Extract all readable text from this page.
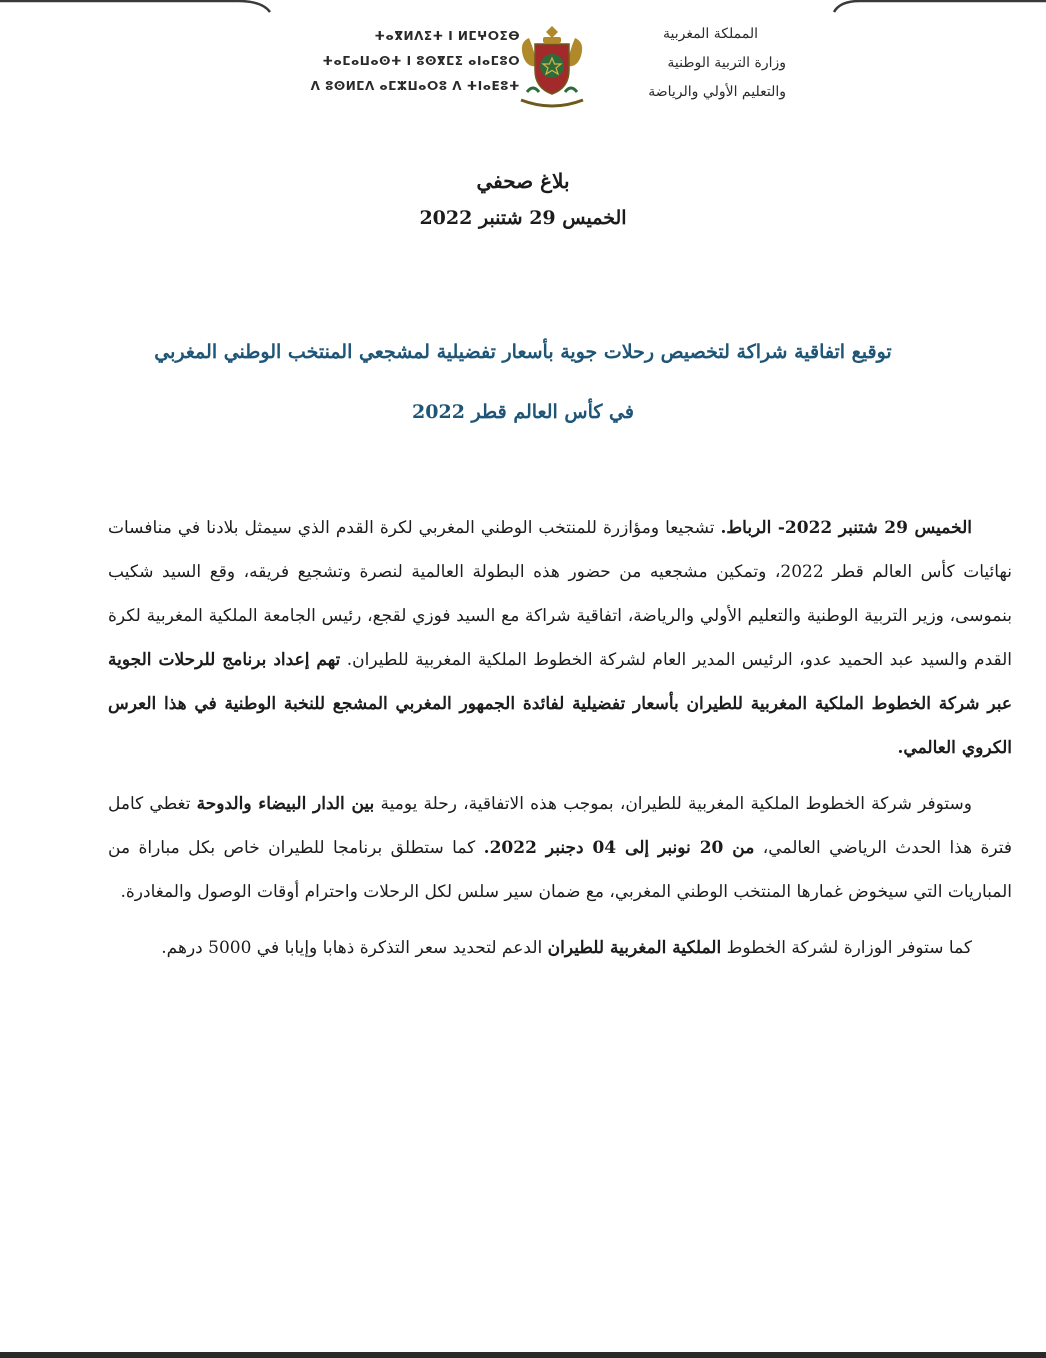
ⵜⴰⴳⵍⴷⵉⵜ ⵏ ⵍⵎⵖⵔⵉⴱ
ⵜⴰⵎⴰⵡⴰⵙⵜ ⵏ ⵓⵙⴳⵎⵉ ⴰⵏⴰⵎⵓⵔ
ⴷ ⵓⵙⵍⵎⴷ ⴰⵎⵣⵡⴰⵔⵓ ⴷ ⵜⵏⴰⴹⵓⵜ
المملكة المغربية
وزارة التربية الوطنية
والتعليم الأولي والرياضة
بلاغ صحفي
الخميس 29 شتنبر 2022
توقيع اتفاقية شراكة لتخصيص رحلات جوية بأسعار تفضيلية لمشجعي المنتخب الوطني المغربي
في كأس العالم قطر 2022

الخميس 29 شتنبر 2022- الرباط. تشجيعا ومؤازرة للمنتخب الوطني المغربي لكرة القدم الذي سيمثل بلادنا في منافسات نهائيات كأس العالم قطر 2022، وتمكين مشجعيه من حضور هذه البطولة العالمية لنصرة وتشجيع فريقه، وقع السيد شكيب بنموسى، وزير التربية الوطنية والتعليم الأولي والرياضة، اتفاقية شراكة مع السيد فوزي لقجع، رئيس الجامعة الملكية المغربية لكرة القدم والسيد عبد الحميد عدو، الرئيس المدير العام لشركة الخطوط الملكية المغربية للطيران. تهم إعداد برنامج للرحلات الجوية عبر شركة الخطوط الملكية المغربية للطيران بأسعار تفضيلية لفائدة الجمهور المغربي المشجع للنخبة الوطنية في هذا العرس الكروي العالمي.

وستوفر شركة الخطوط الملكية المغربية للطيران، بموجب هذه الاتفاقية، رحلة يومية بين الدار البيضاء والدوحة تغطي كامل فترة هذا الحدث الرياضي العالمي، من 20 نونبر إلى 04 دجنبر 2022. كما ستطلق برنامجا للطيران خاص بكل مباراة من المباريات التي سيخوض غمارها المنتخب الوطني المغربي، مع ضمان سير سلس لكل الرحلات واحترام أوقات الوصول والمغادرة.

كما ستوفر الوزارة لشركة الخطوط الملكية المغربية للطيران الدعم لتحديد سعر التذكرة ذهابا وإيابا في 5000 درهم.
